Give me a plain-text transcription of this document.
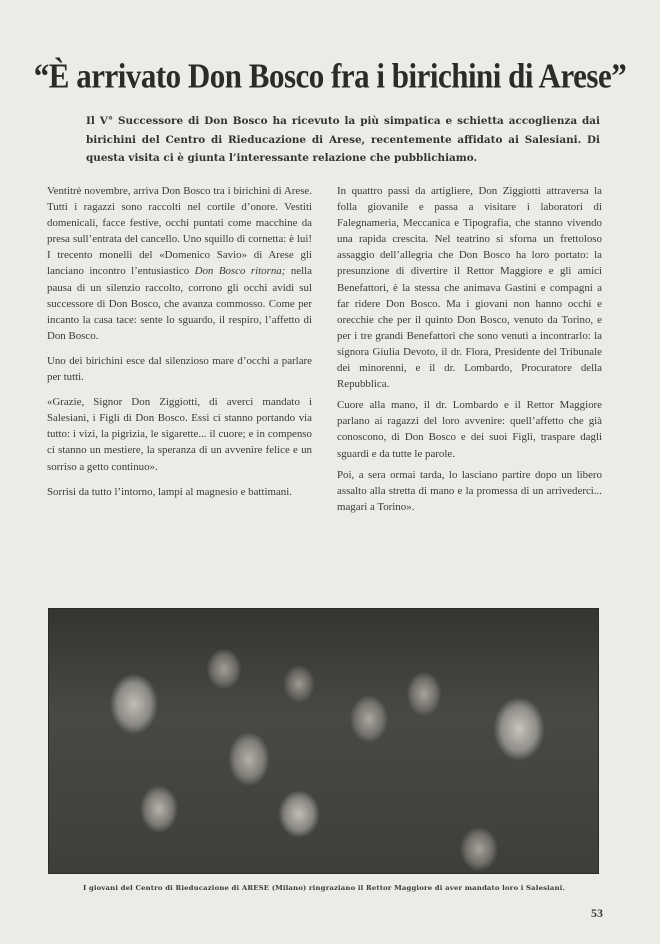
“È arrivato Don Bosco fra i birichini di Arese”

Il V° Successore di Don Bosco ha ricevuto la più simpatica e schietta accoglienza dai birichini del Centro di Rieducazione di Arese, recentemente affidato ai Salesiani. Di questa visita ci è giunta l’interessante relazione che pubblichiamo.

Ventitrè novembre, arriva Don Bosco tra i birichini di Arese. Tutti i ragazzi sono raccolti nel cortile d’onore. Vestiti domenicali, facce festive, occhi puntati come macchine da presa sull’entrata del cancello. Uno squillo di cornetta: è lui! I trecento monelli del «Domenico Savio» di Arese gli lanciano incontro l’entusiastico Don Bosco ritorna; nella pausa di un silenzio raccolto, corrono gli occhi avidi sul successore di Don Bosco, che avanza commosso. Come per incanto la casa tace: sente lo sguardo, il respiro, l’affetto di Don Bosco.

Uno dei birichini esce dal silenzioso mare d’occhi a parlare per tutti.

«Grazie, Signor Don Ziggiotti, di averci mandato i Salesiani, i Figli di Don Bosco. Essi ci stanno portando via tutto: i vizi, la pigrizia, le sigarette... il cuore; e in compenso ci stanno un mestiere, la speranza di un avvenire felice e un sorriso a getto continuo».

Sorrisi da tutto l’intorno, lampi al magnesio e battimani.

In quattro passi da artigliere, Don Ziggiotti attraversa la folla giovanile e passa a visitare i laboratori di Falegnameria, Meccanica e Tipografia, che stanno vivendo una rapida crescita. Nel teatrino si sforna un frettoloso assaggio dell’allegria che Don Bosco ha loro portato: la presunzione di divertire il Rettor Maggiore e gli amici Benefattori, è la stessa che animava Gastini e compagni a far ridere Don Bosco. Ma i giovani non hanno occhi e orecchie che per il quinto Don Bosco, venuto da Torino, e per i tre grandi Benefattori che sono venuti a incontrarlo: la signora Giulia Devoto, il dr. Flora, Presidente del Tribunale dei minorenni, e il dr. Lombardo, Procuratore della Repubblica.

Cuore alla mano, il dr. Lombardo e il Rettor Maggiore parlano ai ragazzi del loro avvenire: quell’affetto che già conoscono, di Don Bosco e dei suoi Figli, traspare dagli sguardi e da tutte le parole.

Poi, a sera ormai tarda, lo lasciano partire dopo un libero assalto alla stretta di mano e la promessa di un arrivederci... magari a Torino».

I giovani del Centro di Rieducazione di ARESE (Milano) ringraziano il Rettor Maggiore di aver mandato loro i Salesiani.
53
